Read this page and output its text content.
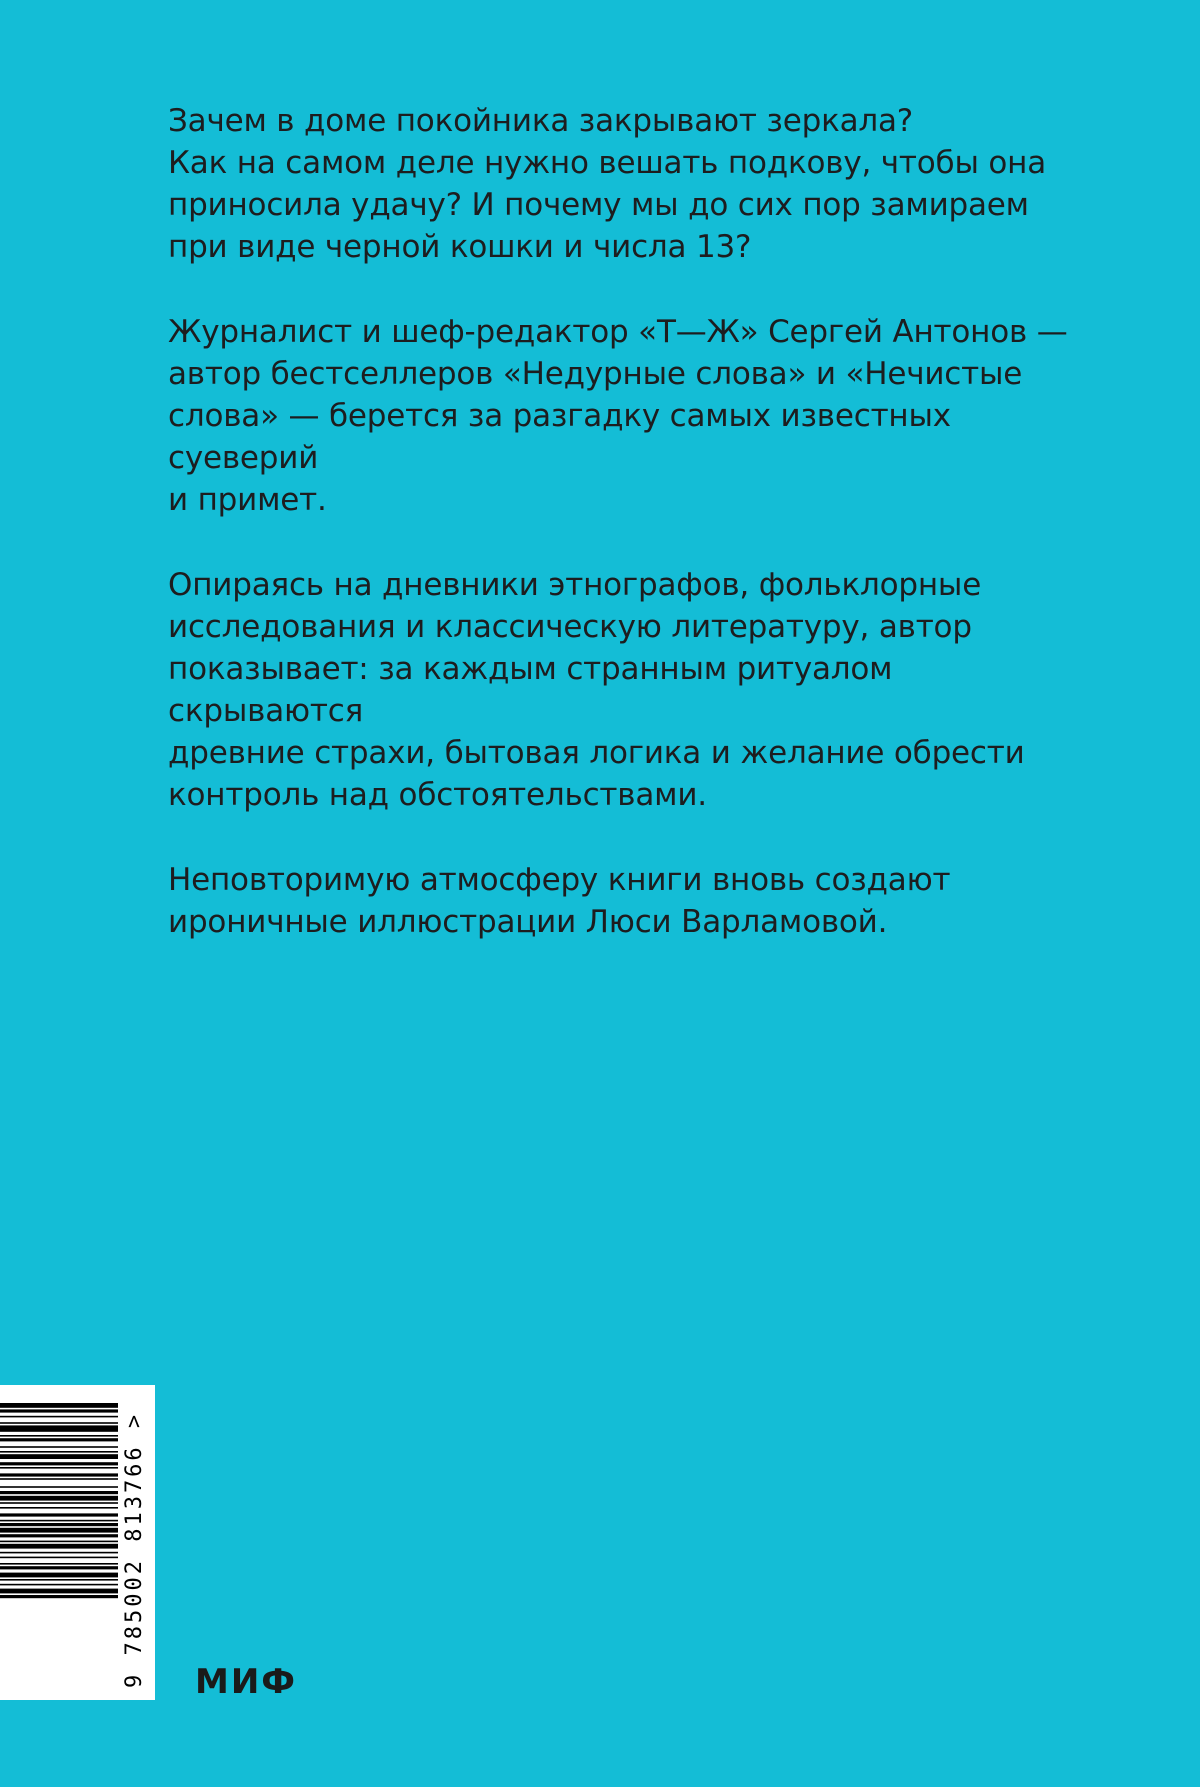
Зачем в доме покойника закрывают зеркала?
Как на самом деле нужно вешать подкову, чтобы она
приносила удачу? И почему мы до сих пор замираем
при виде черной кошки и числа 13?

Журналист и шеф-редактор «Т—Ж» Сергей Антонов —
автор бестселлеров «Недурные слова» и «Нечистые
слова» — берется за разгадку самых известных суеверий
и примет.

Опираясь на дневники этнографов, фольклорные
исследования и классическую литературу, автор
показывает: за каждым странным ритуалом скрываются
древние страхи, бытовая логика и желание обрести
контроль над обстоятельствами.

Неповторимую атмосферу книги вновь создают
ироничные иллюстрации Люси Варламовой.

9 785002 813766 > МИФ
